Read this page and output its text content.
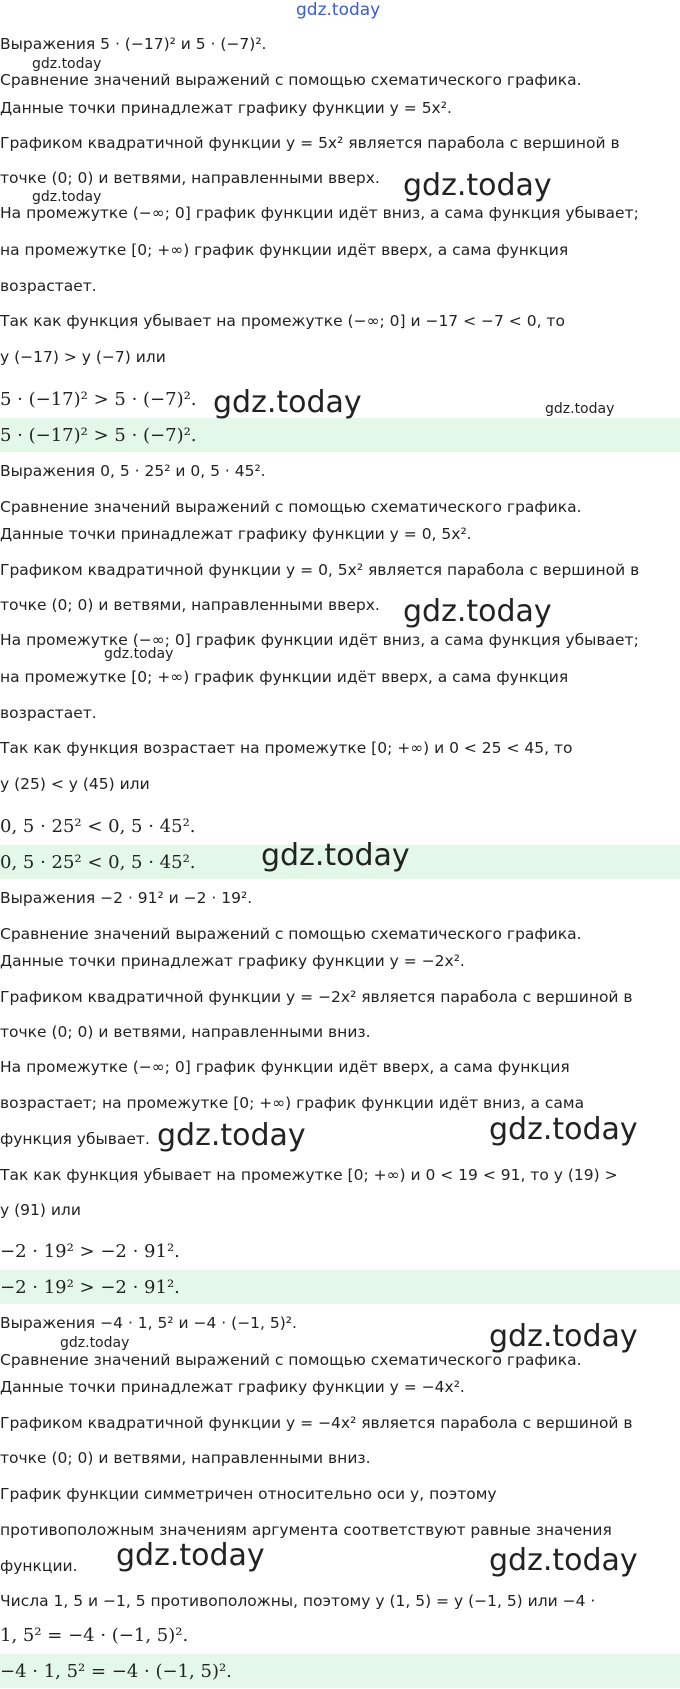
Выражения 5 · (−17)² и 5 · (−7)².
Сравнение значений выражений с помощью схематического графика.
Данные точки принадлежат графику функции y = 5x².
Графиком квадратичной функции y = 5x² является парабола с вершиной в
точке (0; 0) и ветвями, направленными вверх.
На промежутке (−∞; 0] график функции идёт вниз, а сама функция убывает;
на промежутке [0; +∞) график функции идёт вверх, а сама функция
возрастает.
Так как функция убывает на промежутке (−∞; 0] и −17 < −7 < 0, то
y (−17) > y (−7) или
5 · (−17)² > 5 · (−7)².
5 · (−17)² > 5 · (−7)².
Выражения 0, 5 · 25² и 0, 5 · 45².
Сравнение значений выражений с помощью схематического графика.
Данные точки принадлежат графику функции y = 0, 5x².
Графиком квадратичной функции y = 0, 5x² является парабола с вершиной в
точке (0; 0) и ветвями, направленными вверх.
На промежутке (−∞; 0] график функции идёт вниз, а сама функция убывает;
на промежутке [0; +∞) график функции идёт вверх, а сама функция
возрастает.
Так как функция возрастает на промежутке [0; +∞) и 0 < 25 < 45, то
y (25) < y (45) или
0, 5 · 25² < 0, 5 · 45².
0, 5 · 25² < 0, 5 · 45².
Выражения −2 · 91² и −2 · 19².
Сравнение значений выражений с помощью схематического графика.
Данные точки принадлежат графику функции y = −2x².
Графиком квадратичной функции y = −2x² является парабола с вершиной в
точке (0; 0) и ветвями, направленными вниз.
На промежутке (−∞; 0] график функции идёт вверх, а сама функция
возрастает; на промежутке [0; +∞) график функции идёт вниз, а сама
функция убывает.
Так как функция убывает на промежутке [0; +∞) и 0 < 19 < 91, то y (19) >
y (91) или
−2 · 19² > −2 · 91².
−2 · 19² > −2 · 91².
Выражения −4 · 1, 5² и −4 · (−1, 5)².
Сравнение значений выражений с помощью схематического графика.
Данные точки принадлежат графику функции y = −4x².
Графиком квадратичной функции y = −4x² является парабола с вершиной в
точке (0; 0) и ветвями, направленными вниз.
График функции симметричен относительно оси y, поэтому
противоположным значениям аргумента соответствуют равные значения
функции.
Числа 1, 5 и −1, 5 противоположны, поэтому y (1, 5) = y (−1, 5) или −4 ·
1, 5² = −4 · (−1, 5)².
−4 · 1, 5² = −4 · (−1, 5)².
gdz.today
gdz.today
gdz.today
gdz.today
gdz.today	gdz.today
gdz.today
gdz.today
gdz.today
gdz.today	gdz.today
gdz.today
gdz.today
gdz.today	gdz.today
